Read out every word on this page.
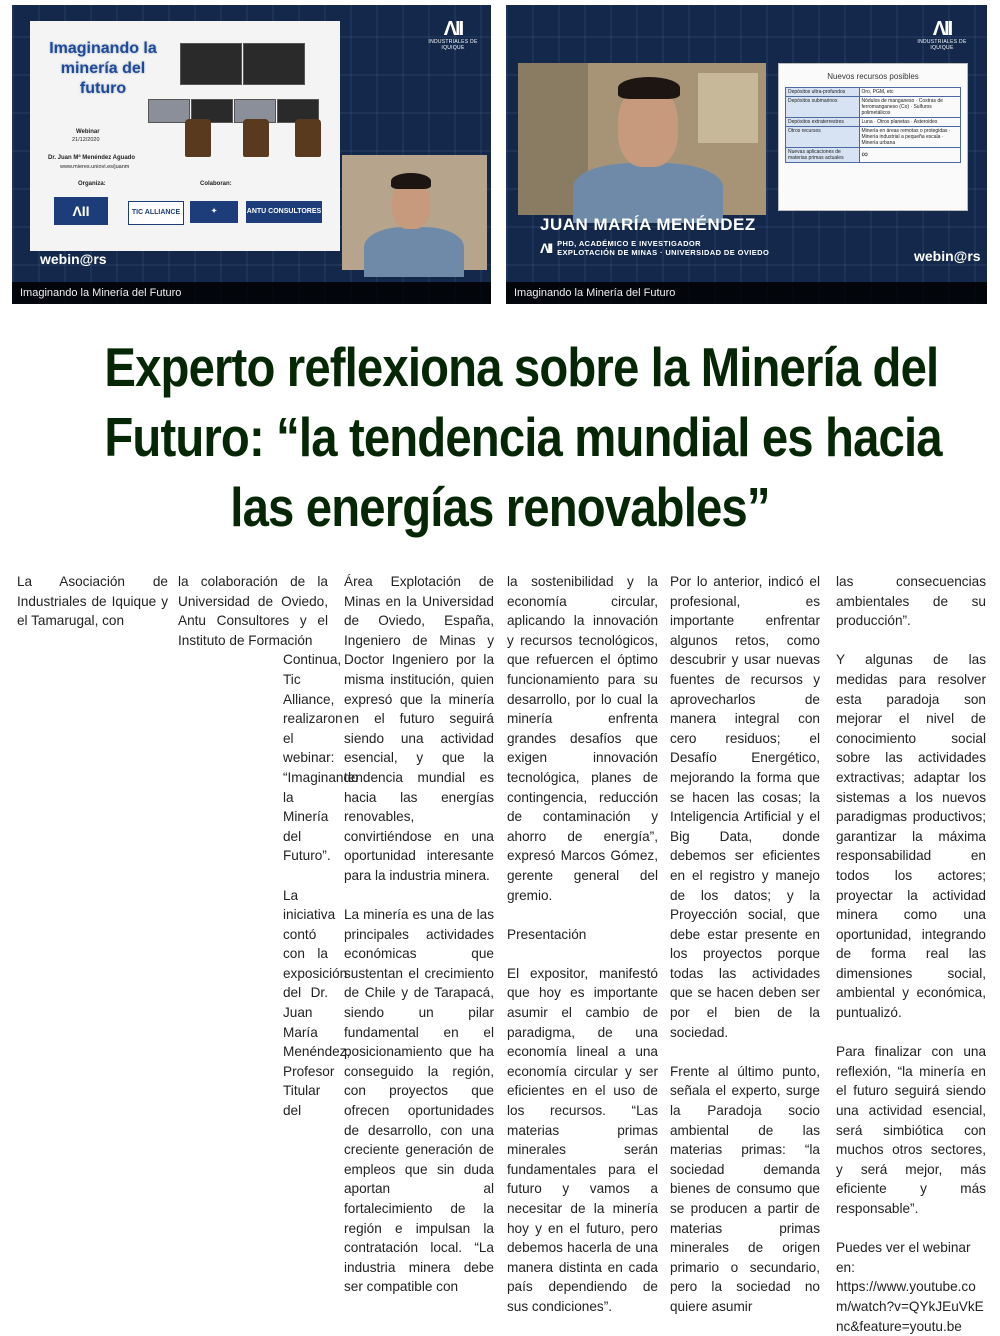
ΛII
INDUSTRIALES DE IQUIQUE
Imaginando la minería del futuro
Webinar
21/12/2020
Dr. Juan Mª Menéndez Aguado
www.mieres.uniovi.es/juanm
Organiza:	Colaboran:
ΛII	TIC ALLIANCE	✦	ANTU CONSULTORES
webin@rs
Imaginando la Minería del Futuro
ΛII
INDUSTRIALES DE IQUIQUE
Nuevos recursos posibles
Depósitos ultra-profundos	Oro, PGM, etc
Depósitos submarinos	Nódulos de manganeso · Costras de ferromanganeso (Co) · Sulfuros polimetálicos
Depósitos extraterrestres	Luna · Otros planetas · Asteroides
Otros recursos	Minería en áreas remotas o protegidas · Minería industrial a pequeña escala · Minería urbana
Nuevas aplicaciones de materias primas actuales	∞
JUAN MARÍA MENÉNDEZ
ΛII PHD, ACADÉMICO E INVESTIGADOR
EXPLOTACIÓN DE MINAS · UNIVERSIDAD DE OVIEDO	webin@rs
Imaginando la Minería del Futuro
Experto reflexiona sobre la Minería del
Futuro: “la tendencia mundial es hacia
las energías renovables”

La Asociación de Industriales de Iquique y el Tamarugal, con

la colaboración de la Universidad de Oviedo, Antu Consultores y el Instituto de Formación

Continua, Tic Alliance, realizaron el webinar: “Imaginando la Minería del Futuro”.

La iniciativa contó con la exposición del Dr. Juan María Menéndez, Profesor Titular del

Área Explotación de Minas en la Universidad de Oviedo, España, Ingeniero de Minas y Doctor Ingeniero por la misma institución, quien expresó que la minería en el futuro seguirá siendo una actividad esencial, y que la tendencia mundial es hacia las energías renovables, convirtiéndose en una oportunidad interesante para la industria minera.

La minería es una de las principales actividades económicas que sustentan el crecimiento de Chile y de Tarapacá, siendo un pilar fundamental en el posicionamiento que ha conseguido la región, con proyectos que ofrecen oportunidades de desarrollo, con una creciente generación de empleos que sin duda aportan al fortalecimiento de la región e impulsan la contratación local. “La industria minera debe ser compatible con

la sostenibilidad y la economía circular, aplicando la innovación y recursos tecnológicos, que refuercen el óptimo funcionamiento para su desarrollo, por lo cual la minería enfrenta grandes desafíos que exigen innovación tecnológica, planes de contingencia, reducción de contaminación y ahorro de energía”, expresó Marcos Gómez, gerente general del gremio.

Presentación

El expositor, manifestó que hoy es importante asumir el cambio de paradigma, de una economía lineal a una economía circular y ser eficientes en el uso de los recursos. “Las materias primas minerales serán fundamentales para el futuro y vamos a necesitar de la minería hoy y en el futuro, pero debemos hacerla de una manera distinta en cada país dependiendo de sus condiciones”.

Por lo anterior, indicó el profesional, es importante enfrentar algunos retos, como descubrir y usar nuevas fuentes de recursos y aprovecharlos de manera integral con cero residuos; el Desafío Energético, mejorando la forma que se hacen las cosas; la Inteligencia Artificial y el Big Data, donde debemos ser eficientes en el registro y manejo de los datos; y la Proyección social, que debe estar presente en los proyectos porque todas las actividades que se hacen deben ser por el bien de la sociedad.

Frente al último punto, señala el experto, surge la Paradoja socio ambiental de las materias primas: “la sociedad demanda bienes de consumo que se producen a partir de materias primas minerales de origen primario o secundario, pero la sociedad no quiere asumir

las consecuencias ambientales de su producción”.

Y algunas de las medidas para resolver esta paradoja son mejorar el nivel de conocimiento social sobre las actividades extractivas; adaptar los sistemas a los nuevos paradigmas productivos; garantizar la máxima responsabilidad en todos los actores; proyectar la actividad minera como una oportunidad, integrando de forma real las dimensiones social, ambiental y económica, puntualizó.

Para finalizar con una reflexión, “la minería en el futuro seguirá siendo una actividad esencial, será simbiótica con muchos otros sectores, y será mejor, más eficiente y más responsable”.

Puedes ver el webinar en:
https://www.youtube.com/watch?v=QYkJEuVkEnc&feature=youtu.be
